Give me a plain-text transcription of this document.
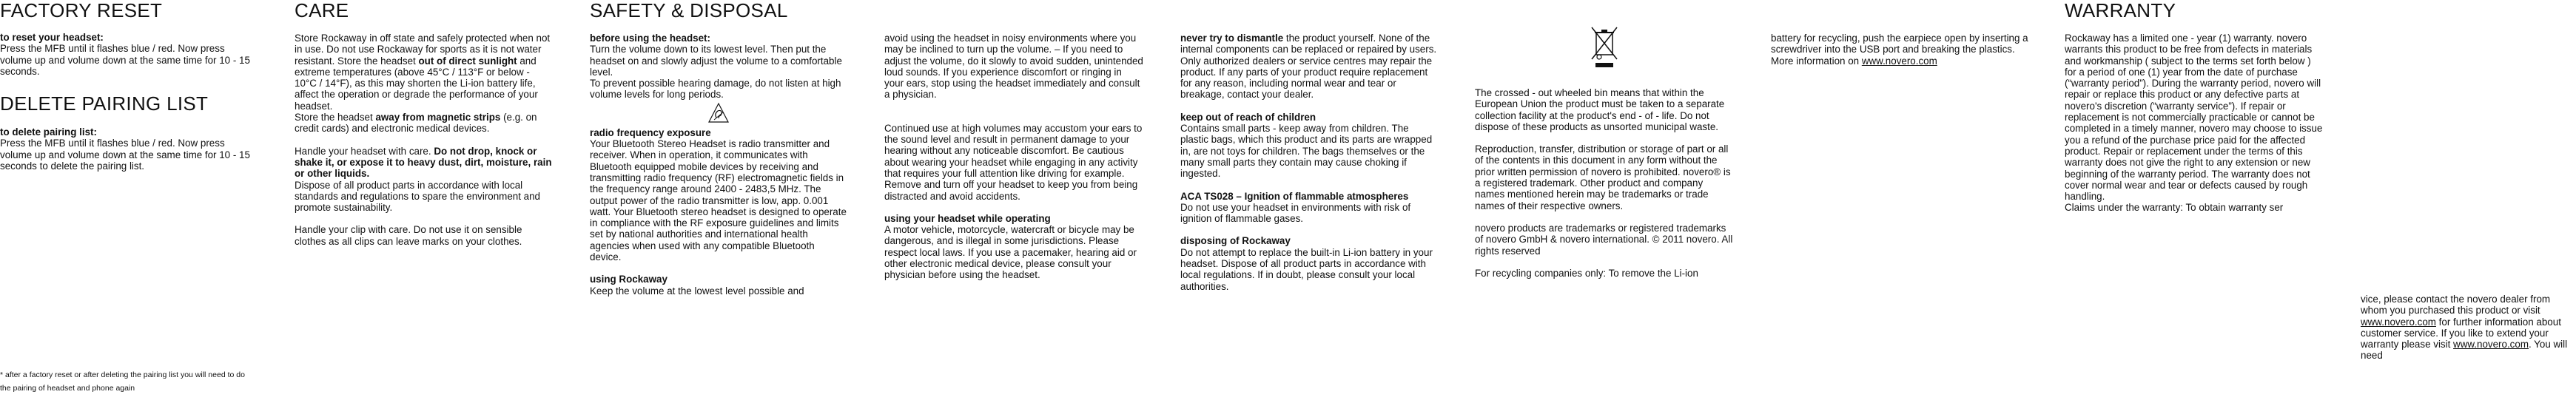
FACTORY RESET

to reset your headset:

Press the MFB until it flashes blue / red. Now press volume up and volume down at the same time for 10 - 15 seconds.

DELETE PAIRING LIST

to delete pairing list:

Press the MFB until it flashes blue / red. Now press volume up and volume down at the same time for 10 - 15 seconds to delete the pairing list.

* after a factory reset or after deleting the pairing list you will need to do the pairing of headset and phone again

CARE

Store Rockaway in off state and safely protected when not in use. Do not use Rockaway for sports as it is not water resistant. Store the headset out of direct sunlight and extreme temperatures (above 45°C / 113°F or below - 10°C / 14°F), as this may shorten the Li-ion battery life, affect the operation or degrade the performance of your headset.

Store the headset away from magnetic strips (e.g. on credit cards) and electronic medical devices.

Handle your headset with care. Do not drop, knock or shake it, or expose it to heavy dust, dirt, moisture, rain or other liquids.

Dispose of all product parts in accordance with local standards and regulations to spare the environment and promote sustainability.

Handle your clip with care. Do not use it on sensible clothes as all clips can leave marks on your clothes.

SAFETY & DISPOSAL

before using the headset:

Turn the volume down to its lowest level. Then put the headset on and slowly adjust the volume to a comfortable level.

To prevent possible hearing damage, do not listen at high volume levels for long periods.

radio frequency exposure

Your Bluetooth Stereo Headset is radio transmitter and receiver. When in operation, it communicates with Bluetooth equipped mobile devices by receiving and transmitting radio frequency (RF) electromagnetic fields in the frequency range around 2400 - 2483,5 MHz. The output power of the radio transmitter is low, app. 0.001 watt. Your Bluetooth stereo headset is designed to operate in compliance with the RF exposure guidelines and limits set by national authorities and international health agencies when used with any compatible Bluetooth device.

using Rockaway

Keep the volume at the lowest level possible and

avoid using the headset in noisy environments where you may be inclined to turn up the volume. – If you need to adjust the volume, do it slowly to avoid sudden, unintended loud sounds. If you experience discomfort or ringing in your ears, stop using the headset immediately and consult a physician.

Continued use at high volumes may accustom your ears to the sound level and result in permanent damage to your hearing without any noticeable discomfort. Be cautious about wearing your headset while engaging in any activity that requires your full attention like driving for example. Remove and turn off your headset to keep you from being distracted and avoid accidents.

using your headset while operating

A motor vehicle, motorcycle, watercraft or bicycle may be dangerous, and is illegal in some jurisdictions. Please respect local laws. If you use a pacemaker, hearing aid or other electronic medical device, please consult your physician before using the headset.

never try to dismantle the product yourself. None of the internal components can be replaced or repaired by users. Only authorized dealers or service centres may repair the product. If any parts of your product require replacement for any reason, including normal wear and tear or breakage, contact your dealer.

keep out of reach of children

Contains small parts - keep away from children. The plastic bags, which this product and its parts are wrapped in, are not toys for children. The bags themselves or the many small parts they contain may cause choking if ingested.

ACA TS028 – Ignition of flammable atmospheres

Do not use your headset in environments with risk of ignition of flammable gases.

disposing of Rockaway

Do not attempt to replace the built-in Li-ion battery in your headset. Dispose of all product parts in accordance with local regulations. If in doubt, please consult your local authorities.

The crossed - out wheeled bin means that within the European Union the product must be taken to a separate collection facility at the product's end - of - life. Do not dispose of these products as unsorted municipal waste.

Reproduction, transfer, distribution or storage of part or all of the contents in this document in any form without the prior written permission of novero is prohibited. novero® is a registered trademark. Other product and company names mentioned herein may be trademarks or trade names of their respective owners.

novero products are trademarks or registered trademarks of novero GmbH & novero international. © 2011 novero. All rights reserved

For recycling companies only: To remove the Li-ion

battery for recycling, push the earpiece open by inserting a screwdriver into the USB port and breaking the plastics.

More information on www.novero.com

WARRANTY

Rockaway has a limited one - year (1) warranty. novero warrants this product to be free from defects in materials and workmanship ( subject to the terms set forth below ) for a period of one (1) year from the date of purchase (“warranty period”). During the warranty period, novero will repair or replace this product or any defective parts at novero's discretion (“warranty service”). If repair or replacement is not commercially practicable or cannot be completed in a timely manner, novero may choose to issue you a refund of the purchase price paid for the affected product. Repair or replacement under the terms of this warranty does not give the right to any extension or new beginning of the warranty period. The warranty does not cover normal wear and tear or defects caused by rough handling.

Claims under the warranty: To obtain warranty ser

vice, please contact the novero dealer from whom you purchased this product or visit
www.novero.com for further information about customer service. If you like to extend your warranty please visit www.novero.com. You will need
